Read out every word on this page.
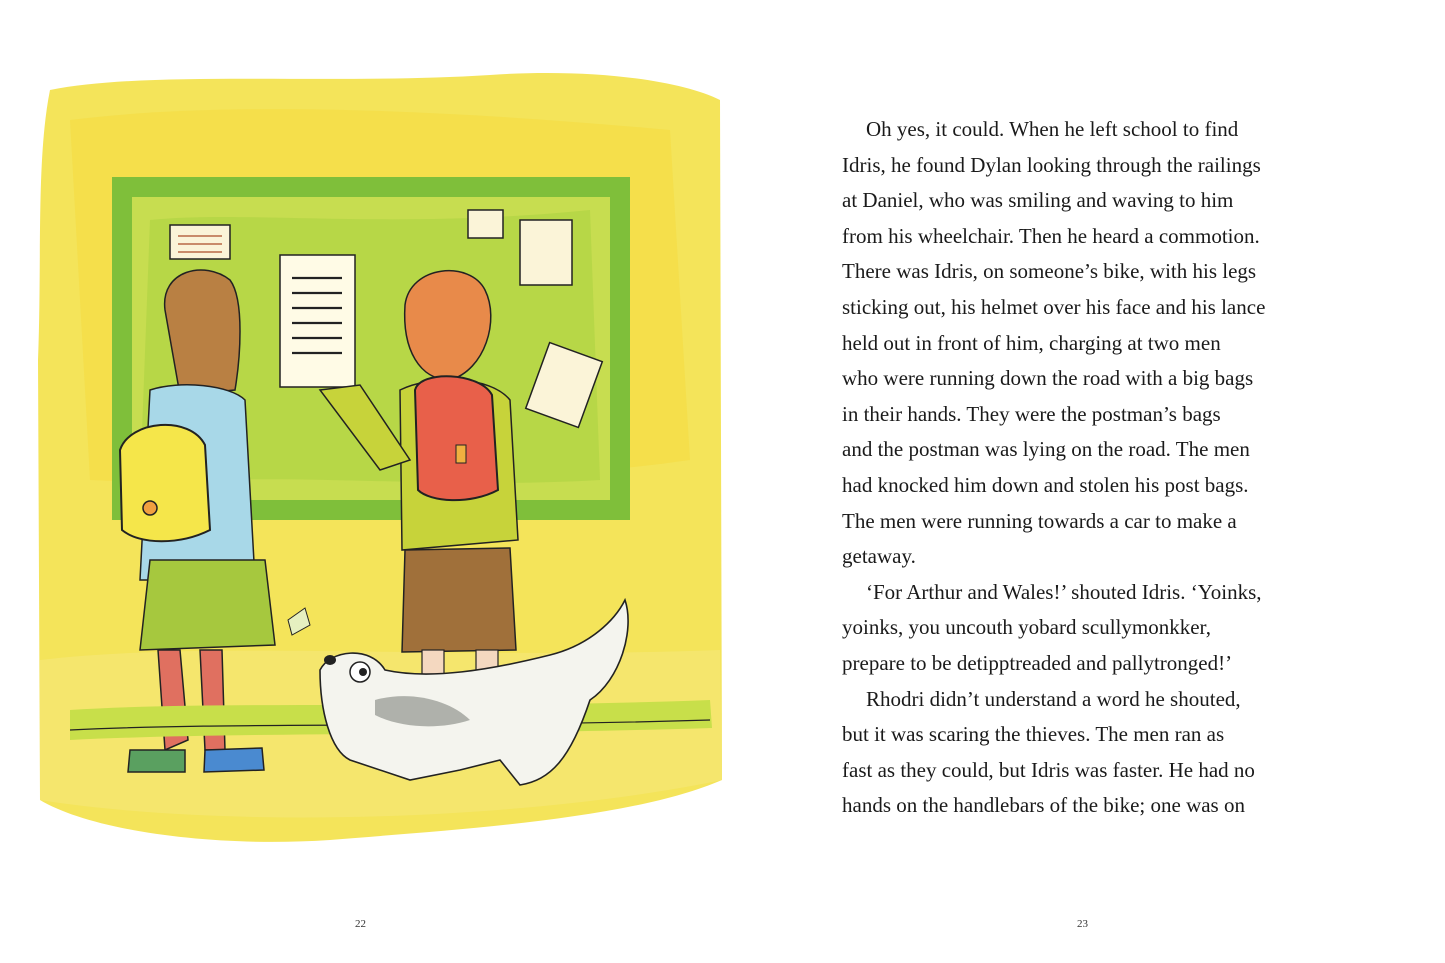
22

Oh yes, it could. When he left school to find
Idris, he found Dylan looking through the railings
at Daniel, who was smiling and waving to him
from his wheelchair. Then he heard a commotion.
There was Idris, on someone’s bike, with his legs
sticking out, his helmet over his face and his lance
held out in front of him, charging at two men
who were running down the road with a big bags
in their hands. They were the postman’s bags
and the postman was lying on the road. The men
had knocked him down and stolen his post bags.
The men were running towards a car to make a
getaway.

‘For Arthur and Wales!’ shouted Idris. ‘Yoinks,
yoinks, you uncouth yobard scullymonkker,
prepare to be detipptreaded and pallytronged!’

Rhodri didn’t understand a word he shouted,
but it was scaring the thieves. The men ran as
fast as they could, but Idris was faster. He had no
hands on the handlebars of the bike; one was on

23
